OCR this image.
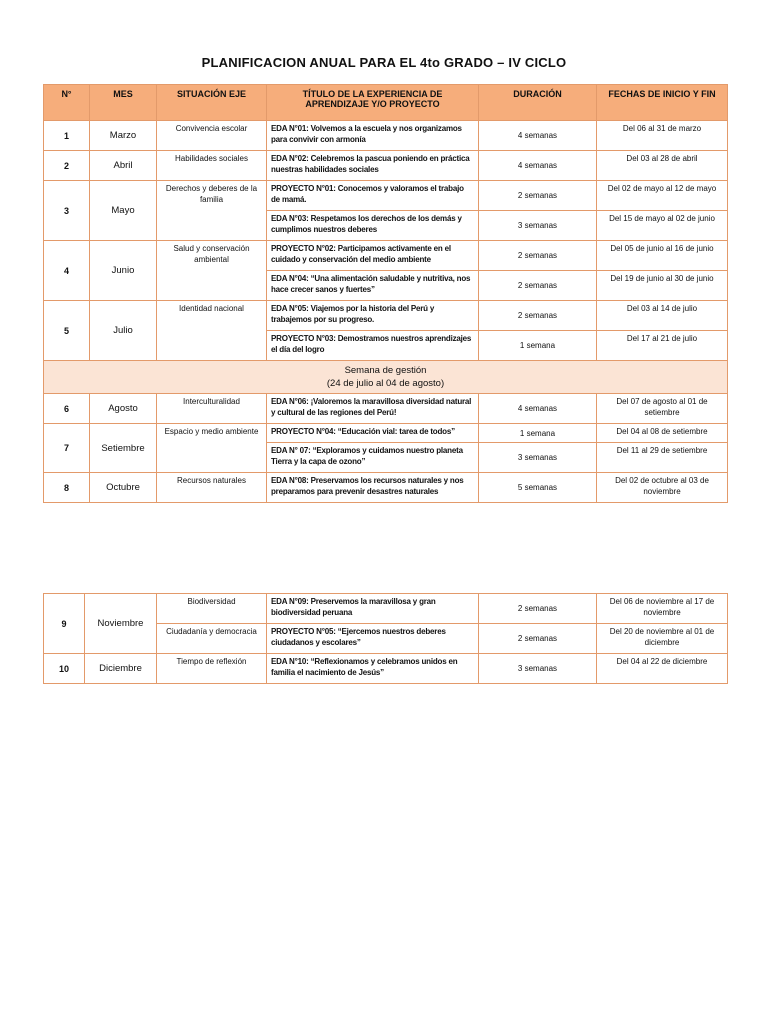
PLANIFICACION ANUAL PARA EL 4to GRADO – IV CICLO
N°	MES	SITUACIÓN EJE	TÍTULO DE LA EXPERIENCIA DE APRENDIZAJE Y/O PROYECTO	DURACIÓN	FECHAS DE INICIO Y FIN
1	Marzo	Convivencia escolar	EDA N°01: Volvemos a la escuela y nos organizamos para convivir con armonía	4 semanas	Del 06 al 31 de marzo
2	Abril	Habilidades sociales	EDA N°02: Celebremos la pascua poniendo en práctica nuestras habilidades sociales	4 semanas	Del 03 al 28 de abril
3	Mayo	Derechos y deberes de la familia	PROYECTO N°01: Conocemos y valoramos el trabajo de mamá.	2 semanas	Del 02 de mayo al 12 de mayo
			EDA N°03: Respetamos los derechos de los demás y cumplimos nuestros deberes	3 semanas	Del 15 de mayo al 02 de junio
4	Junio	Salud y conservación ambiental	PROYECTO N°02: Participamos activamente en el cuidado y conservación del medio ambiente	2 semanas	Del 05 de junio al 16 de junio
			EDA N°04: “Una alimentación saludable y nutritiva, nos hace crecer sanos y fuertes”	2 semanas	Del 19 de junio al 30 de junio
5	Julio	Identidad nacional	EDA N°05: Viajemos por la historia del Perú y trabajemos por su progreso.	2 semanas	Del 03 al 14 de julio
			PROYECTO N°03: Demostramos nuestros aprendizajes el día del logro	1 semana	Del 17 al 21 de julio

Semana de gestión
(24 de julio al 04 de agosto)					

6	Agosto	Interculturalidad	EDA N°06: ¡Valoremos la maravillosa diversidad natural y cultural de las regiones del Perú!	4 semanas	Del 07 de agosto al 01 de setiembre
7	Setiembre	Espacio y medio ambiente	PROYECTO N°04: “Educación vial: tarea de todos”	1 semana	Del 04 al 08 de setiembre
			EDA N° 07: “Exploramos y cuidamos nuestro planeta Tierra y la capa de ozono”	3 semanas	Del 11 al 29 de setiembre
8	Octubre	Recursos naturales	EDA N°08: Preservamos los recursos naturales y nos preparamos para prevenir desastres naturales	5 semanas	Del 02 de octubre al 03 de noviembre
9	Noviembre	Biodiversidad	EDA N°09: Preservemos la maravillosa y gran biodiversidad peruana	2 semanas	Del 06 de noviembre al 17 de noviembre
		Ciudadanía y democracia	PROYECTO N°05: “Ejercemos nuestros deberes ciudadanos y escolares”	2 semanas	Del 20 de noviembre al 01 de diciembre
10	Diciembre	Tiempo de reflexión	EDA N°10: “Reflexionamos y celebramos unidos en familia el nacimiento de Jesús”	3 semanas	Del 04 al 22 de diciembre
